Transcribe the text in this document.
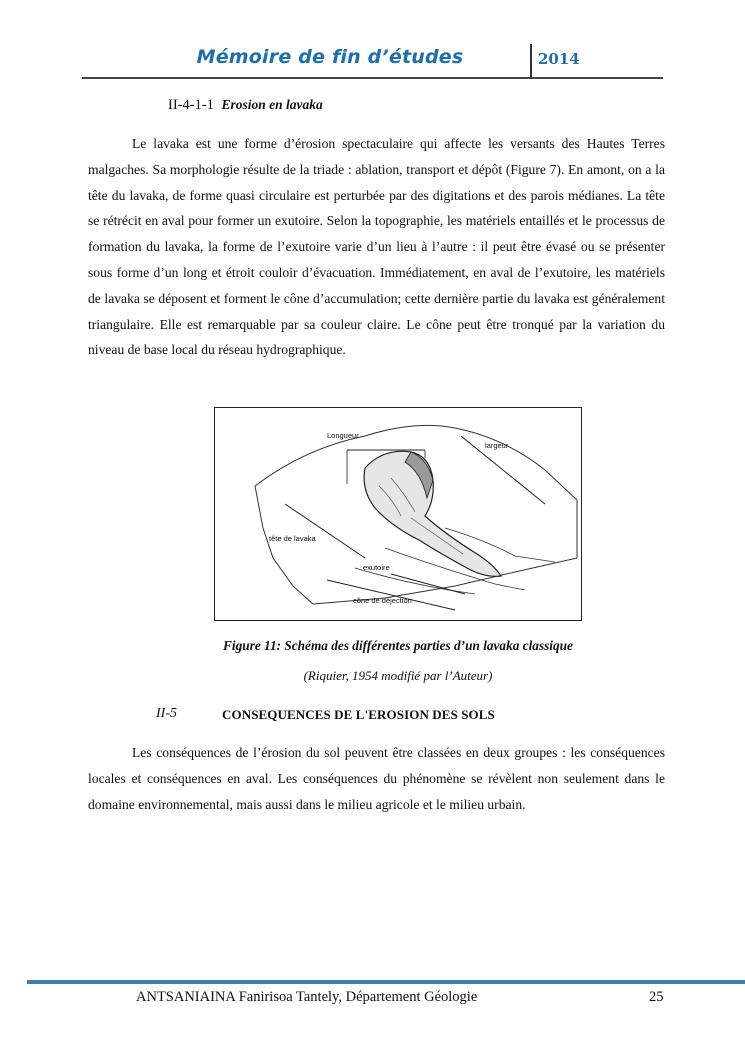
Mémoire de fin d’études	2014
II-4-1-1 Erosion en lavaka
Le lavaka est une forme d’érosion spectaculaire qui affecte les versants des Hautes Terres malgaches. Sa morphologie résulte de la triade : ablation, transport et dépôt (Figure 7). En amont, on a la tête du lavaka, de forme quasi circulaire est perturbée par des digitations et des parois médianes. La tête se rétrécit en aval pour former un exutoire. Selon la topographie, les matériels entaillés et le processus de formation du lavaka, la forme de l’exutoire varie d’un lieu à l’autre : il peut être évasé ou se présenter sous forme d’un long et étroit couloir d’évacuation. Immédiatement, en aval de l’exutoire, les matériels de lavaka se déposent et forment le cône d’accumulation; cette dernière partie du lavaka est généralement triangulaire. Elle est remarquable par sa couleur claire. Le cône peut être tronqué par la variation du niveau de base local du réseau hydrographique.
Longueur
largeur
tête de lavaka
exutoire
cône de déjection
Figure 11: Schéma des différentes parties d’un lavaka classique
(Riquier, 1954 modifié par l’Auteur)
II-5	CONSEQUENCES DE L'EROSION DES SOLS
Les conséquences de l’érosion du sol peuvent être classées en deux groupes : les conséquences locales et conséquences en aval. Les conséquences du phénomène se révèlent non seulement dans le domaine environnemental, mais aussi dans le milieu agricole et le milieu urbain.
ANTSANIAINA Fanirisoa Tantely, Département Géologie	25
